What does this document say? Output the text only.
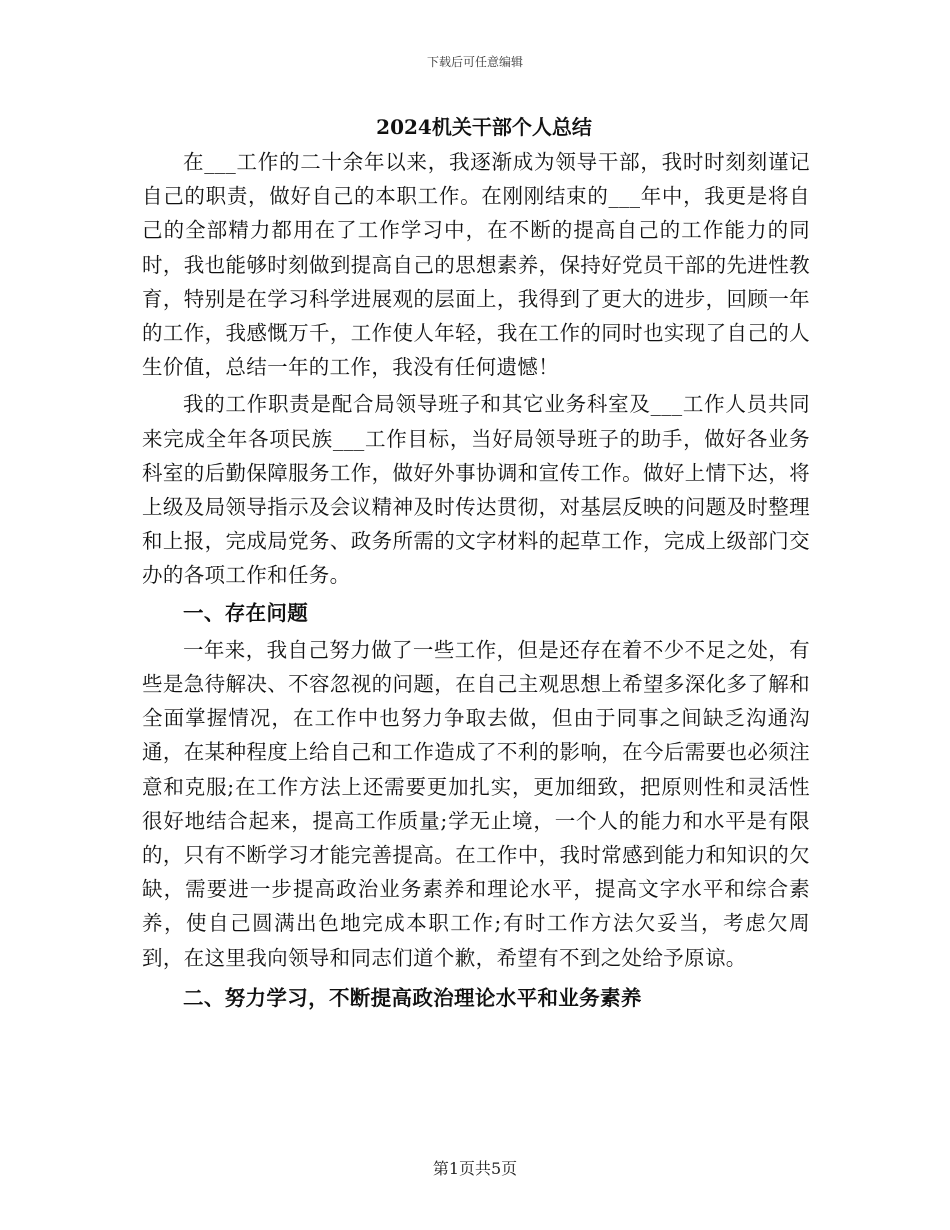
下载后可任意编辑
2024机关干部个人总结

在___工作的二十余年以来，我逐渐成为领导干部，我时时刻刻谨记自己的职责，做好自己的本职工作。在刚刚结束的___年中，我更是将自己的全部精力都用在了工作学习中，在不断的提高自己的工作能力的同时，我也能够时刻做到提高自己的思想素养，保持好党员干部的先进性教育，特别是在学习科学进展观的层面上，我得到了更大的进步，回顾一年的工作，我感慨万千，工作使人年轻，我在工作的同时也实现了自己的人生价值，总结一年的工作，我没有任何遗憾！

我的工作职责是配合局领导班子和其它业务科室及___工作人员共同来完成全年各项民族___工作目标，当好局领导班子的助手，做好各业务科室的后勤保障服务工作，做好外事协调和宣传工作。做好上情下达，将上级及局领导指示及会议精神及时传达贯彻，对基层反映的问题及时整理和上报，完成局党务、政务所需的文字材料的起草工作，完成上级部门交办的各项工作和任务。

一、存在问题

一年来，我自己努力做了一些工作，但是还存在着不少不足之处，有些是急待解决、不容忽视的问题，在自己主观思想上希望多深化多了解和全面掌握情况，在工作中也努力争取去做，但由于同事之间缺乏沟通沟通，在某种程度上给自己和工作造成了不利的影响，在今后需要也必须注意和克服;在工作方法上还需要更加扎实，更加细致，把原则性和灵活性很好地结合起来，提高工作质量;学无止境，一个人的能力和水平是有限的，只有不断学习才能完善提高。在工作中，我时常感到能力和知识的欠缺，需要进一步提高政治业务素养和理论水平，提高文字水平和综合素养，使自己圆满出色地完成本职工作;有时工作方法欠妥当，考虑欠周到，在这里我向领导和同志们道个歉，希望有不到之处给予原谅。

二、努力学习，不断提高政治理论水平和业务素养
第1页共5页
